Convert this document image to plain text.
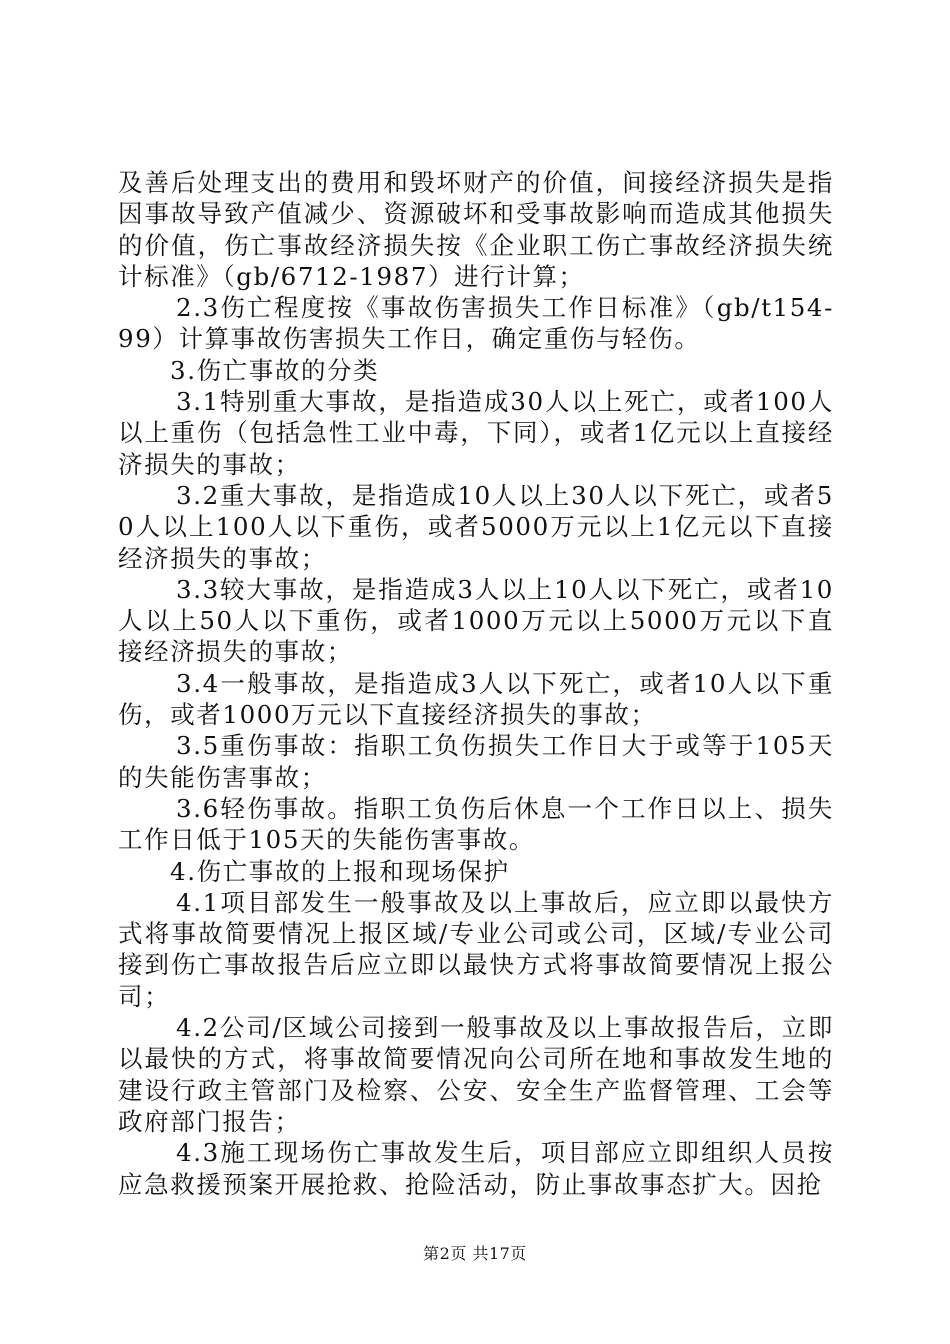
及善后处理支出的费用和毁坏财产的价值，间接经济损失是指因事故导致产值减少、资源破坏和受事故影响而造成其他损失的价值，伤亡事故经济损失按《企业职工伤亡事故经济损失统计标准》（gb/6712-1987）进行计算；

2.3伤亡程度按《事故伤害损失工作日标准》（gb/t154-99）计算事故伤害损失工作日，确定重伤与轻伤。

3.伤亡事故的分类

3.1特别重大事故，是指造成30人以上死亡，或者100人以上重伤（包括急性工业中毒，下同），或者1亿元以上直接经济损失的事故；

3.2重大事故，是指造成10人以上30人以下死亡，或者50人以上100人以下重伤，或者5000万元以上1亿元以下直接经济损失的事故；

3.3较大事故，是指造成3人以上10人以下死亡，或者10人以上50人以下重伤，或者1000万元以上5000万元以下直接经济损失的事故；

3.4一般事故，是指造成3人以下死亡，或者10人以下重伤，或者1000万元以下直接经济损失的事故；

3.5重伤事故：指职工负伤损失工作日大于或等于105天的失能伤害事故；

3.6轻伤事故。指职工负伤后休息一个工作日以上、损失工作日低于105天的失能伤害事故。

4.伤亡事故的上报和现场保护

4.1项目部发生一般事故及以上事故后，应立即以最快方式将事故简要情况上报区域/专业公司或公司，区域/专业公司接到伤亡事故报告后应立即以最快方式将事故简要情况上报公司；

4.2公司/区域公司接到一般事故及以上事故报告后，立即以最快的方式，将事故简要情况向公司所在地和事故发生地的建设行政主管部门及检察、公安、安全生产监督管理、工会等政府部门报告；

4.3施工现场伤亡事故发生后，项目部应立即组织人员按应急救援预案开展抢救、抢险活动，防止事故事态扩大。因抢

第2页 共17页
